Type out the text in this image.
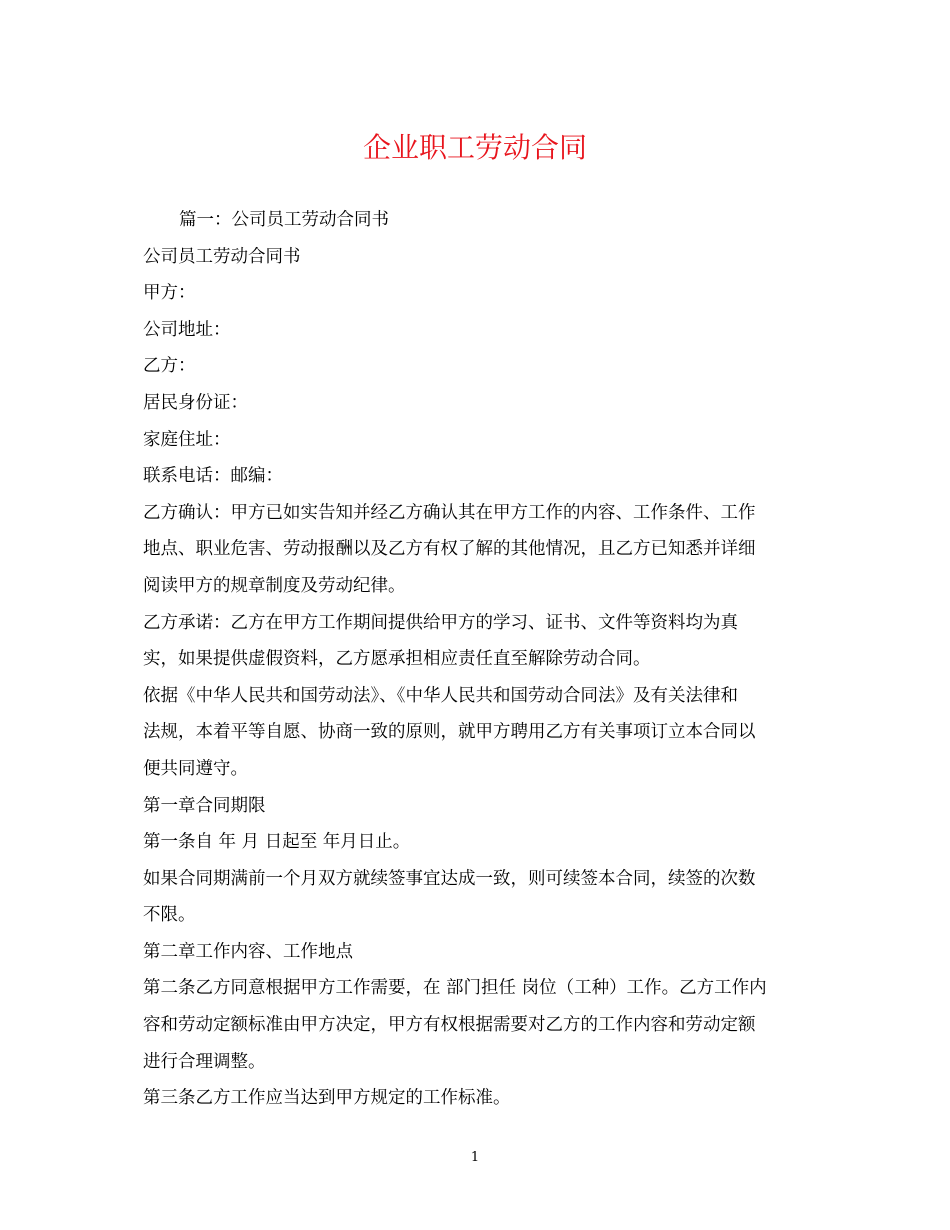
企业职工劳动合同

篇一：公司员工劳动合同书

公司员工劳动合同书

甲方：

公司地址：

乙方：

居民身份证：

家庭住址：

联系电话：邮编：

乙方确认：甲方已如实告知并经乙方确认其在甲方工作的内容、工作条件、工作

地点、职业危害、劳动报酬以及乙方有权了解的其他情况，且乙方已知悉并详细

阅读甲方的规章制度及劳动纪律。

乙方承诺：乙方在甲方工作期间提供给甲方的学习、证书、文件等资料均为真

实，如果提供虚假资料，乙方愿承担相应责任直至解除劳动合同。

依据《中华人民共和国劳动法》、《中华人民共和国劳动合同法》及有关法律和

法规，本着平等自愿、协商一致的原则，就甲方聘用乙方有关事项订立本合同以

便共同遵守。

第一章合同期限

第一条自 年 月 日起至 年月日止。

如果合同期满前一个月双方就续签事宜达成一致，则可续签本合同，续签的次数

不限。

第二章工作内容、工作地点

第二条乙方同意根据甲方工作需要，在 部门担任 岗位（工种）工作。乙方工作内

容和劳动定额标准由甲方决定，甲方有权根据需要对乙方的工作内容和劳动定额

进行合理调整。

第三条乙方工作应当达到甲方规定的工作标准。

1
